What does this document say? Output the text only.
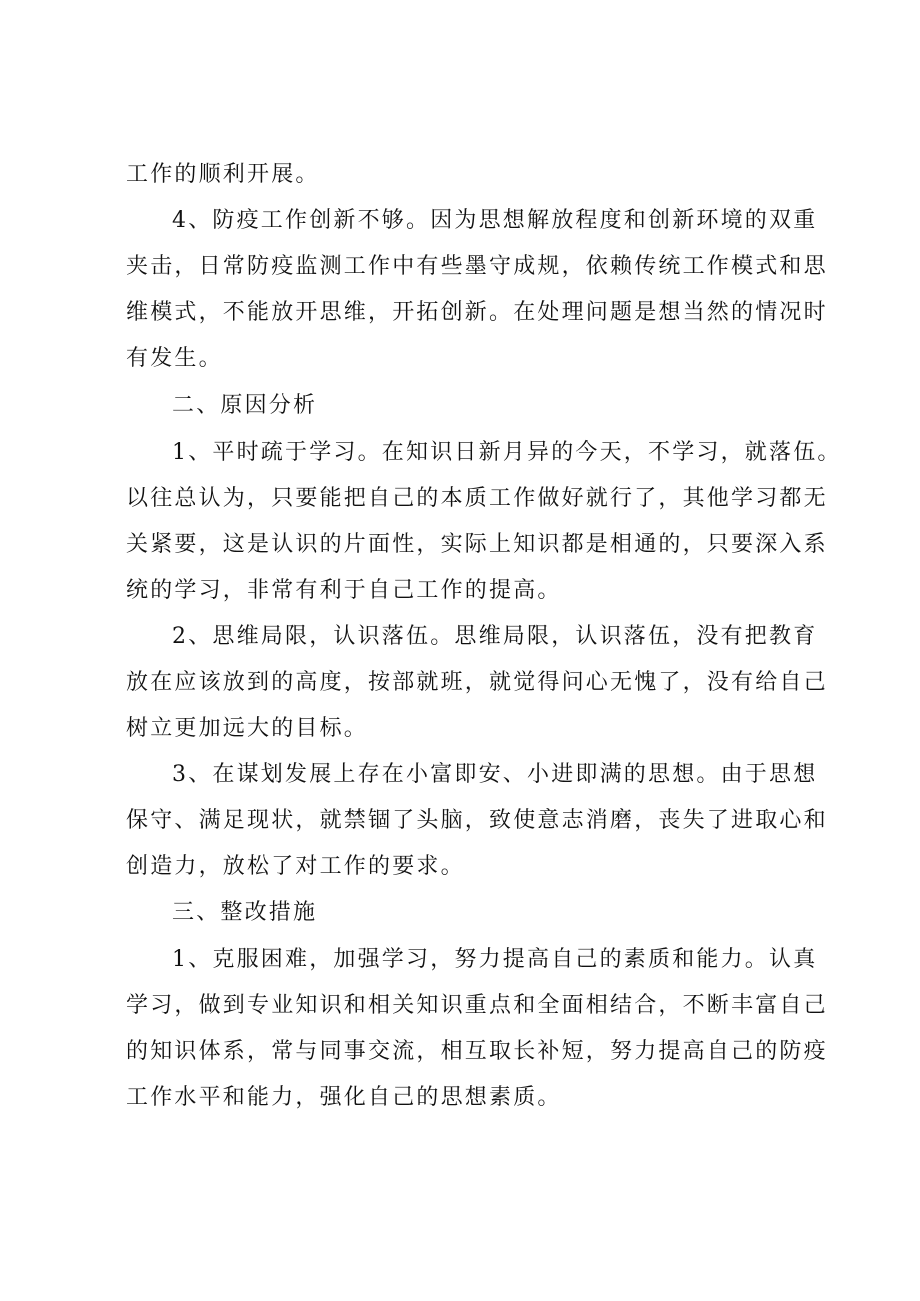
工作的顺利开展。
4、防疫工作创新不够。因为思想解放程度和创新环境的双重
夹击，日常防疫监测工作中有些墨守成规，依赖传统工作模式和思
维模式，不能放开思维，开拓创新。在处理问题是想当然的情况时
有发生。
二、原因分析
1、平时疏于学习。在知识日新月异的今天，不学习，就落伍。
以往总认为，只要能把自己的本质工作做好就行了，其他学习都无
关紧要，这是认识的片面性，实际上知识都是相通的，只要深入系
统的学习，非常有利于自己工作的提高。
2、思维局限，认识落伍。思维局限，认识落伍，没有把教育
放在应该放到的高度，按部就班，就觉得问心无愧了，没有给自己
树立更加远大的目标。
3、在谋划发展上存在小富即安、小进即满的思想。由于思想
保守、满足现状，就禁锢了头脑，致使意志消磨，丧失了进取心和
创造力，放松了对工作的要求。
三、整改措施
1、克服困难，加强学习，努力提高自己的素质和能力。认真
学习，做到专业知识和相关知识重点和全面相结合，不断丰富自己
的知识体系，常与同事交流，相互取长补短，努力提高自己的防疫
工作水平和能力，强化自己的思想素质。
